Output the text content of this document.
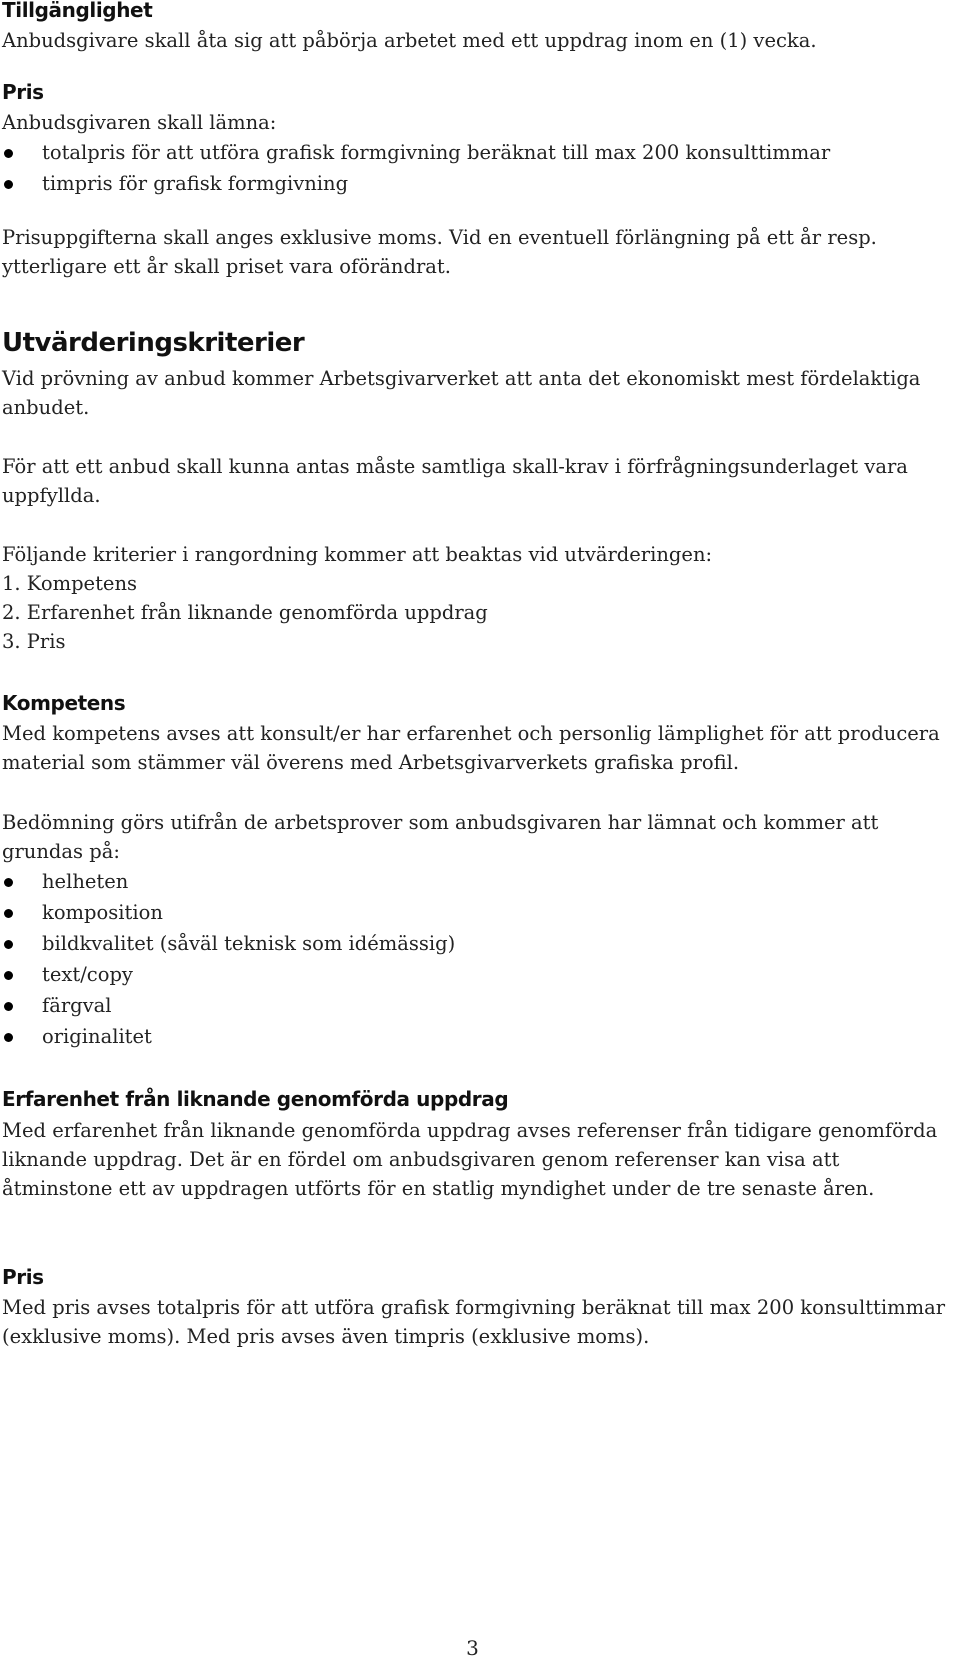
Tillgänglighet

Anbudsgivare skall åta sig att påbörja arbetet med ett uppdrag inom en (1) vecka.

Pris

Anbudsgivaren skall lämna:

totalpris för att utföra grafisk formgivning beräknat till max 200 konsulttimmar
timpris för grafisk formgivning

Prisuppgifterna skall anges exklusive moms. Vid en eventuell förlängning på ett år resp. ytterligare ett år skall priset vara oförändrat.

Utvärderingskriterier

Vid prövning av anbud kommer Arbetsgivarverket att anta det ekonomiskt mest fördelaktiga anbudet.

För att ett anbud skall kunna antas måste samtliga skall-krav i förfrågningsunderlaget vara uppfyllda.

Följande kriterier i rangordning kommer att beaktas vid utvärderingen:

1. Kompetens

2. Erfarenhet från liknande genomförda uppdrag

3. Pris

Kompetens

Med kompetens avses att konsult/er har erfarenhet och personlig lämplighet för att producera material som stämmer väl överens med Arbetsgivarverkets grafiska profil.

Bedömning görs utifrån de arbetsprover som anbudsgivaren har lämnat och kommer att grundas på:

helheten
komposition
bildkvalitet (såväl teknisk som idémässig)
text/copy
färgval
originalitet
Erfarenhet från liknande genomförda uppdrag

Med erfarenhet från liknande genomförda uppdrag avses referenser från tidigare genomförda liknande uppdrag. Det är en fördel om anbudsgivaren genom referenser kan visa att åtminstone ett av uppdragen utförts för en statlig myndighet under de tre senaste åren.

Pris

Med pris avses totalpris för att utföra grafisk formgivning beräknat till max 200 konsulttimmar (exklusive moms). Med pris avses även timpris (exklusive moms).

3
